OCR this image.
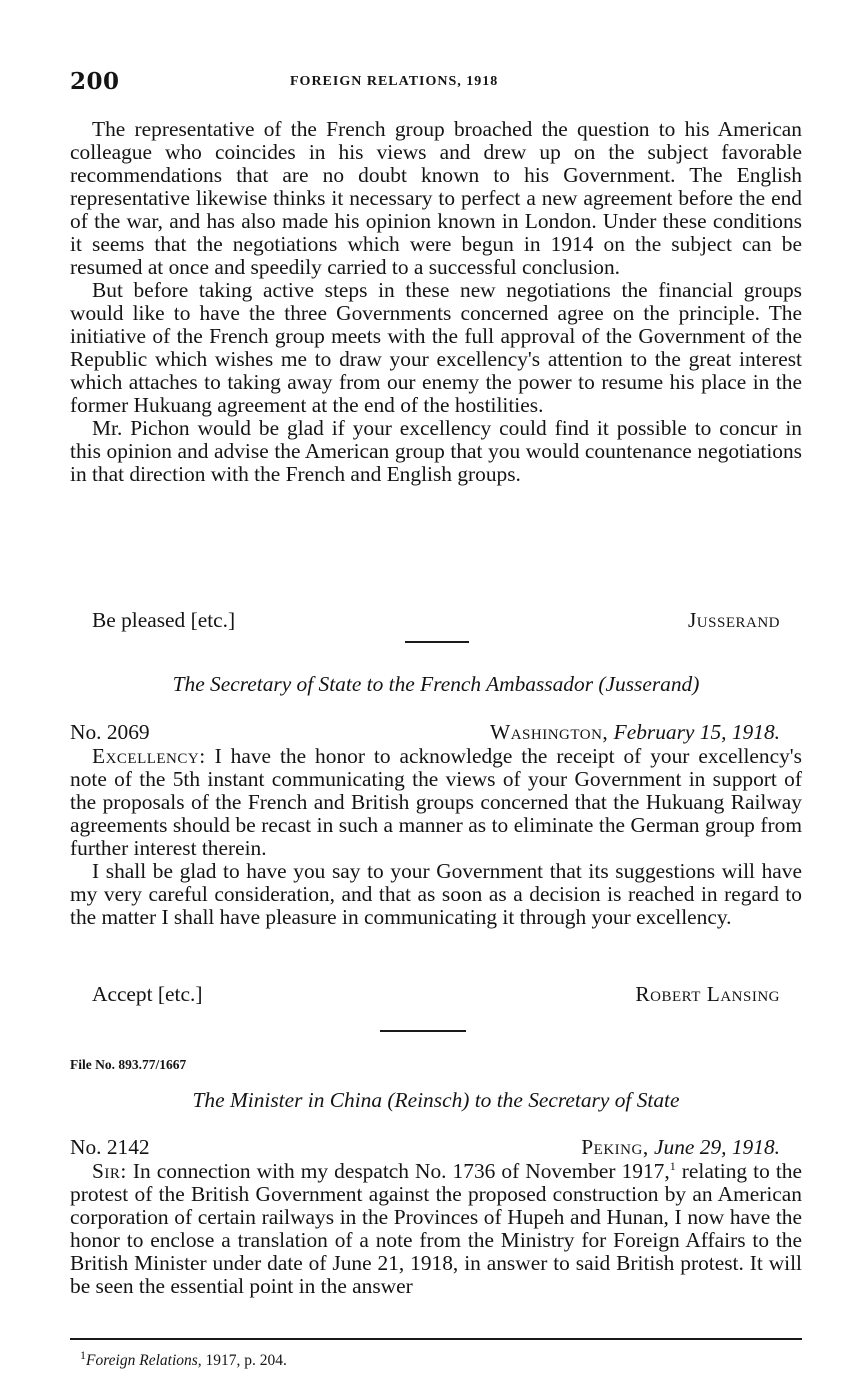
200	FOREIGN RELATIONS, 1918

The representative of the French group broached the question to his American colleague who coincides in his views and drew up on the subject favorable recommendations that are no doubt known to his Government. The English representative likewise thinks it necessary to perfect a new agreement before the end of the war, and has also made his opinion known in London. Under these conditions it seems that the negotiations which were begun in 1914 on the subject can be resumed at once and speedily carried to a successful conclusion.

But before taking active steps in these new negotiations the financial groups would like to have the three Governments concerned agree on the principle. The initiative of the French group meets with the full approval of the Government of the Republic which wishes me to draw your excellency's attention to the great interest which attaches to taking away from our enemy the power to resume his place in the former Hukuang agreement at the end of the hostilities.

Mr. Pichon would be glad if your excellency could find it possible to concur in this opinion and advise the American group that you would countenance negotiations in that direction with the French and English groups.

Be pleased [etc.]	Jusserand
The Secretary of State to the French Ambassador (Jusserand)
No. 2069	Washington, February 15, 1918.

Excellency: I have the honor to acknowledge the receipt of your excellency's note of the 5th instant communicating the views of your Government in support of the proposals of the French and British groups concerned that the Hukuang Railway agreements should be recast in such a manner as to eliminate the German group from further interest therein.

I shall be glad to have you say to your Government that its suggestions will have my very careful consideration, and that as soon as a decision is reached in regard to the matter I shall have pleasure in communicating it through your excellency.

Accept [etc.]	Robert Lansing
File No. 893.77/1667
The Minister in China (Reinsch) to the Secretary of State
No. 2142	Peking, June 29, 1918.

Sir: In connection with my despatch No. 1736 of November 1917,$^1$ relating to the protest of the British Government against the proposed construction by an American corporation of certain railways in the Provinces of Hupeh and Hunan, I now have the honor to enclose a translation of a note from the Ministry for Foreign Affairs to the British Minister under date of June 21, 1918, in answer to said British protest. It will be seen the essential point in the answer

$^1$Foreign Relations, 1917, p. 204.
